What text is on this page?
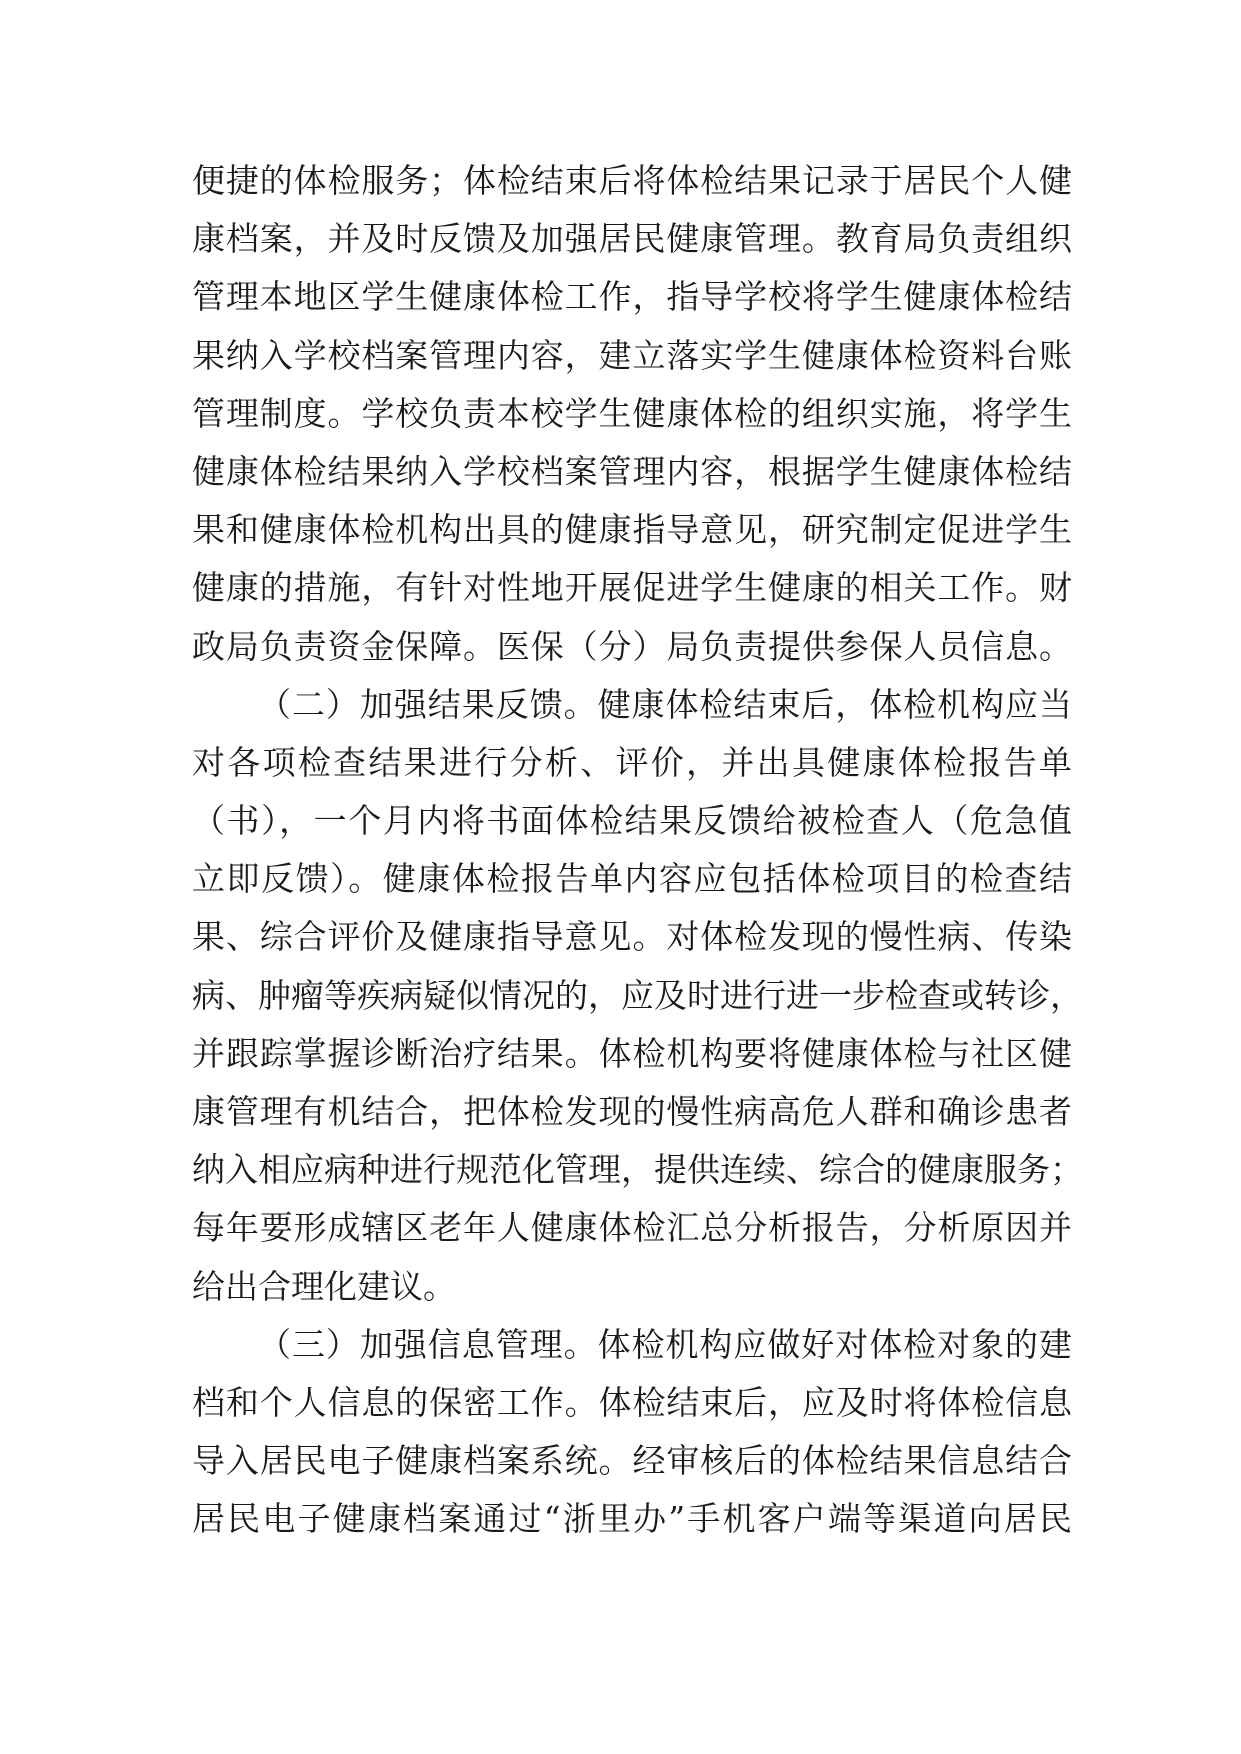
便捷的体检服务；体检结束后将体检结果记录于居民个人健
康档案，并及时反馈及加强居民健康管理。教育局负责组织
管理本地区学生健康体检工作，指导学校将学生健康体检结
果纳入学校档案管理内容，建立落实学生健康体检资料台账
管理制度。学校负责本校学生健康体检的组织实施，将学生
健康体检结果纳入学校档案管理内容，根据学生健康体检结
果和健康体检机构出具的健康指导意见，研究制定促进学生
健康的措施，有针对性地开展促进学生健康的相关工作。财
政局负责资金保障。医保（分）局负责提供参保人员信息。
（二）加强结果反馈。健康体检结束后，体检机构应当
对各项检查结果进行分析、评价，并出具健康体检报告单
（书），一个月内将书面体检结果反馈给被检查人（危急值
立即反馈）。健康体检报告单内容应包括体检项目的检查结
果、综合评价及健康指导意见。对体检发现的慢性病、传染
病、肿瘤等疾病疑似情况的，应及时进行进一步检查或转诊，
并跟踪掌握诊断治疗结果。体检机构要将健康体检与社区健
康管理有机结合，把体检发现的慢性病高危人群和确诊患者
纳入相应病种进行规范化管理，提供连续、综合的健康服务；
每年要形成辖区老年人健康体检汇总分析报告，分析原因并
给出合理化建议。
（三）加强信息管理。体检机构应做好对体检对象的建
档和个人信息的保密工作。体检结束后，应及时将体检信息
导入居民电子健康档案系统。经审核后的体检结果信息结合
居民电子健康档案通过“浙里办”手机客户端等渠道向居民
